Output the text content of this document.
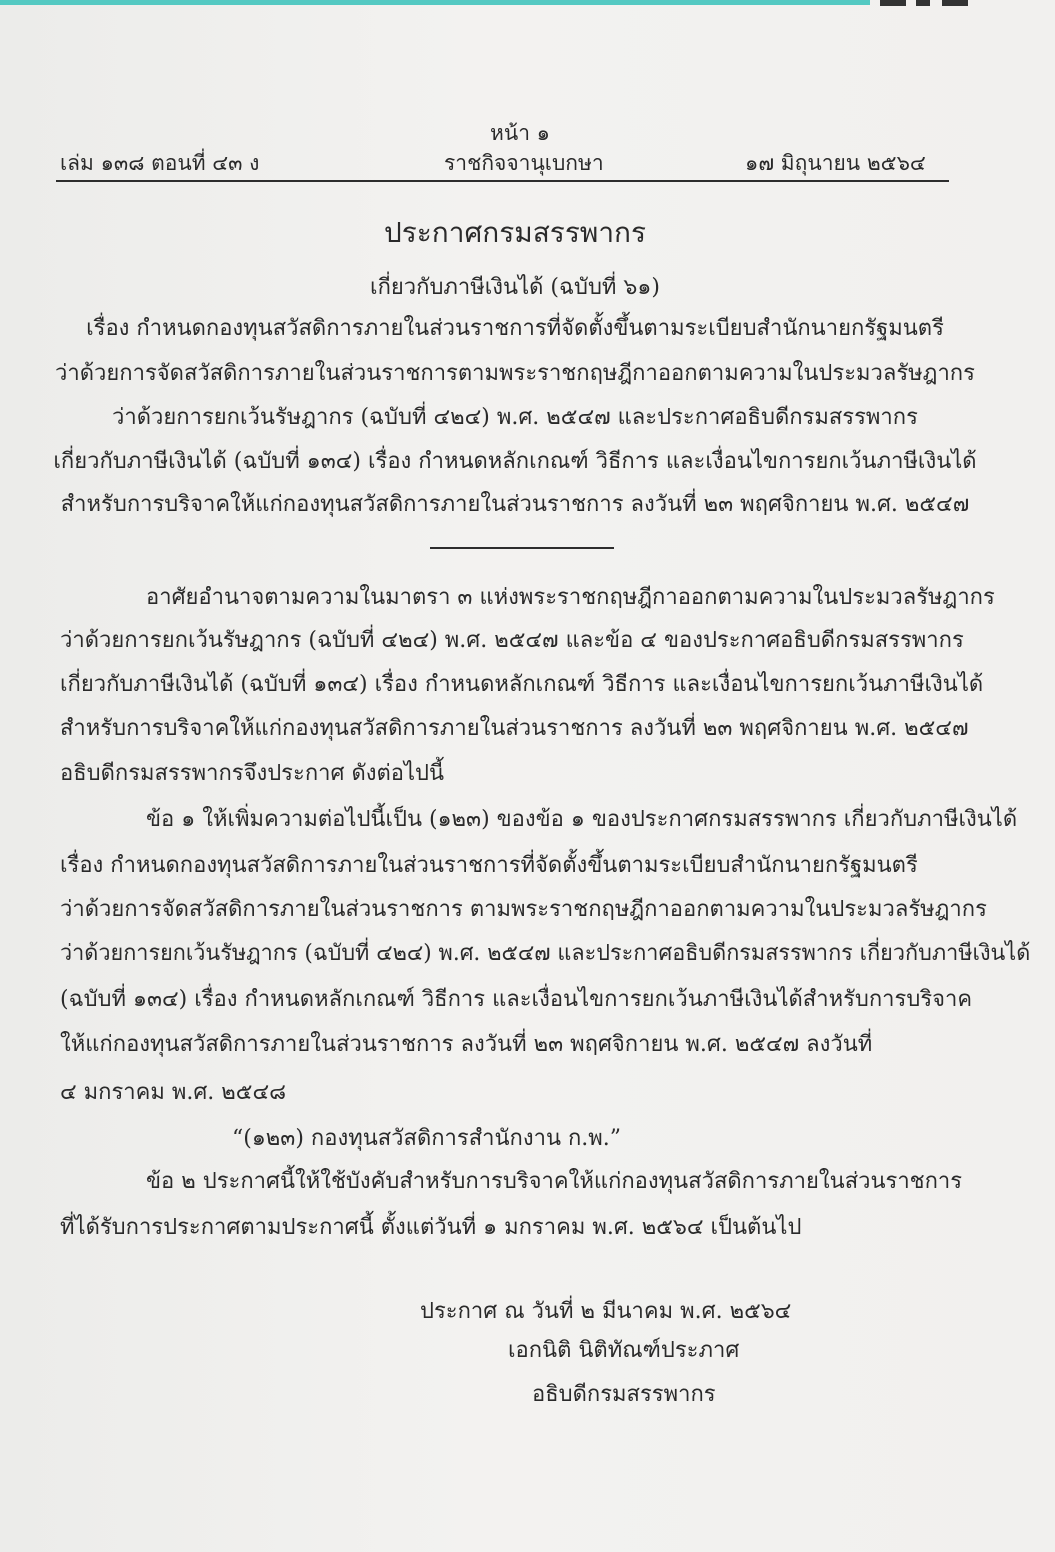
หน้า ๑
เล่ม ๑๓๘ ตอนที่ ๔๓ ง	ราชกิจจานุเบกษา	๑๗ มิถุนายน ๒๕๖๔
ประกาศกรมสรรพากร
เกี่ยวกับภาษีเงินได้ (ฉบับที่ ๖๑)
เรื่อง กำหนดกองทุนสวัสดิการภายในส่วนราชการที่จัดตั้งขึ้นตามระเบียบสำนักนายกรัฐมนตรี
ว่าด้วยการจัดสวัสดิการภายในส่วนราชการตามพระราชกฤษฎีกาออกตามความในประมวลรัษฎากร
ว่าด้วยการยกเว้นรัษฎากร (ฉบับที่ ๔๒๔) พ.ศ. ๒๕๔๗ และประกาศอธิบดีกรมสรรพากร
เกี่ยวกับภาษีเงินได้ (ฉบับที่ ๑๓๔) เรื่อง กำหนดหลักเกณฑ์ วิธีการ และเงื่อนไขการยกเว้นภาษีเงินได้
สำหรับการบริจาคให้แก่กองทุนสวัสดิการภายในส่วนราชการ ลงวันที่ ๒๓ พฤศจิกายน พ.ศ. ๒๕๔๗
อาศัยอำนาจตามความในมาตรา ๓ แห่งพระราชกฤษฎีกาออกตามความในประมวลรัษฎากร
ว่าด้วยการยกเว้นรัษฎากร (ฉบับที่ ๔๒๔) พ.ศ. ๒๕๔๗ และข้อ ๔ ของประกาศอธิบดีกรมสรรพากร
เกี่ยวกับภาษีเงินได้ (ฉบับที่ ๑๓๔) เรื่อง กำหนดหลักเกณฑ์ วิธีการ และเงื่อนไขการยกเว้นภาษีเงินได้
สำหรับการบริจาคให้แก่กองทุนสวัสดิการภายในส่วนราชการ ลงวันที่ ๒๓ พฤศจิกายน พ.ศ. ๒๕๔๗
อธิบดีกรมสรรพากรจึงประกาศ ดังต่อไปนี้
ข้อ ๑ ให้เพิ่มความต่อไปนี้เป็น (๑๒๓) ของข้อ ๑ ของประกาศกรมสรรพากร เกี่ยวกับภาษีเงินได้
เรื่อง กำหนดกองทุนสวัสดิการภายในส่วนราชการที่จัดตั้งขึ้นตามระเบียบสำนักนายกรัฐมนตรี
ว่าด้วยการจัดสวัสดิการภายในส่วนราชการ ตามพระราชกฤษฎีกาออกตามความในประมวลรัษฎากร
ว่าด้วยการยกเว้นรัษฎากร (ฉบับที่ ๔๒๔) พ.ศ. ๒๕๔๗ และประกาศอธิบดีกรมสรรพากร เกี่ยวกับภาษีเงินได้
(ฉบับที่ ๑๓๔) เรื่อง กำหนดหลักเกณฑ์ วิธีการ และเงื่อนไขการยกเว้นภาษีเงินได้สำหรับการบริจาค
ให้แก่กองทุนสวัสดิการภายในส่วนราชการ ลงวันที่ ๒๓ พฤศจิกายน พ.ศ. ๒๕๔๗ ลงวันที่
๔ มกราคม พ.ศ. ๒๕๔๘
“(๑๒๓) กองทุนสวัสดิการสำนักงาน ก.พ.”
ข้อ ๒ ประกาศนี้ให้ใช้บังคับสำหรับการบริจาคให้แก่กองทุนสวัสดิการภายในส่วนราชการ
ที่ได้รับการประกาศตามประกาศนี้ ตั้งแต่วันที่ ๑ มกราคม พ.ศ. ๒๕๖๔ เป็นต้นไป
ประกาศ ณ วันที่ ๒ มีนาคม พ.ศ. ๒๕๖๔
เอกนิติ นิติทัณฑ์ประภาศ
อธิบดีกรมสรรพากร
